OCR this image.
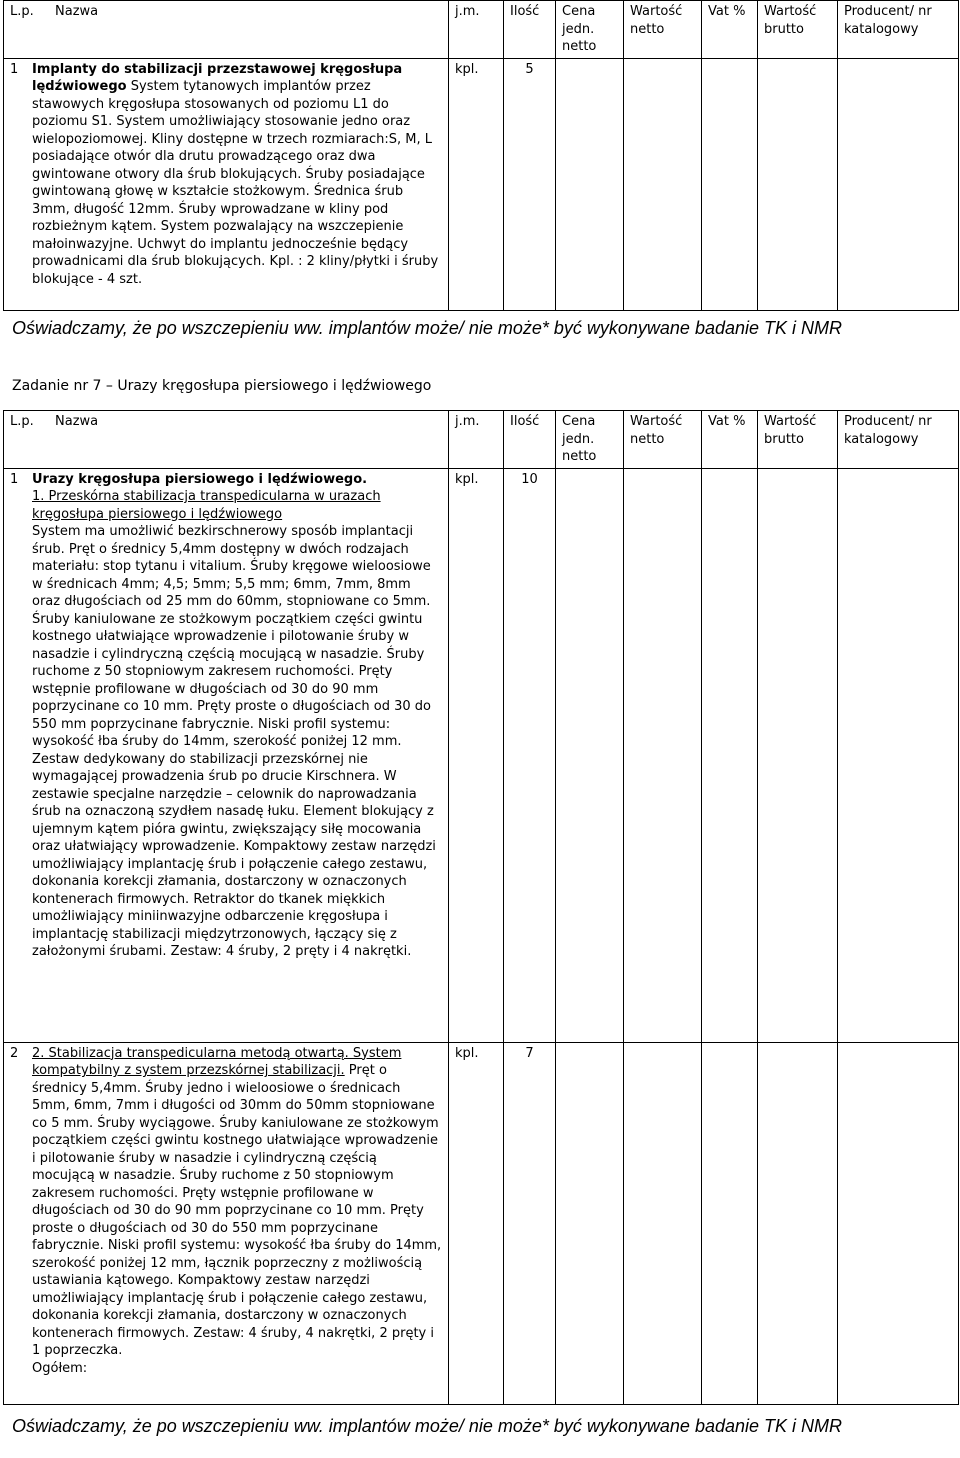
L.p. Nazwa	j.m.	Ilość	Cena jedn. netto	Wartość netto	Vat %	Wartość brutto	Producent/ nr katalogowy

1 Implanty do stabilizacji przezstawowej kręgosłupa lędźwiowego System tytanowych implantów przez stawowych kręgosłupa stosowanych od poziomu L1 do poziomu S1. System umożliwiający stosowanie jedno oraz wielopoziomowej. Kliny dostępne w trzech rozmiarach:S, M, L posiadające otwór dla drutu prowadzącego oraz dwa gwintowane otwory dla śrub blokujących. Śruby posiadające gwintowaną głowę w kształcie stożkowym. Średnica śrub 3mm, długość 12mm. Śruby wprowadzane w kliny pod rozbieżnym kątem. System pozwalający na wszczepienie małoinwazyjne. Uchwyt do implantu jednocześnie będący prowadnicami dla śrub blokujących. Kpl. : 2 kliny/płytki i śruby blokujące - 4 szt.	kpl.	5					
Oświadczamy, że po wszczepieniu ww. implantów może/ nie może* być wykonywane badanie TK i NMR
Zadanie nr 7 – Urazy kręgosłupa piersiowego i lędźwiowego
L.p. Nazwa	j.m.	Ilość	Cena jedn. netto	Wartość netto	Vat %	Wartość brutto	Producent/ nr katalogowy

1 Urazy kręgosłupa piersiowego i lędźwiowego.
1. Przeskórna stabilizacja transpedicularna w urazach kręgosłupa piersiowego i lędźwiowego
System ma umożliwić bezkirschnerowy sposób implantacji śrub. Pręt o średnicy 5,4mm dostępny w dwóch rodzajach materiału: stop tytanu i vitalium. Śruby kręgowe wieloosiowe w średnicach 4mm; 4,5; 5mm; 5,5 mm; 6mm, 7mm, 8mm oraz długościach od 25 mm do 60mm, stopniowane co 5mm. Śruby kaniulowane ze stożkowym początkiem części gwintu kostnego ułatwiające wprowadzenie i pilotowanie śruby w nasadzie i cylindryczną częścią mocującą w nasadzie. Śruby ruchome z 50 stopniowym zakresem ruchomości. Pręty wstępnie profilowane w długościach od 30 do 90 mm poprzycinane co 10 mm. Pręty proste o długościach od 30 do 550 mm poprzycinane fabrycznie. Niski profil systemu: wysokość łba śruby do 14mm, szerokość poniżej 12 mm. Zestaw dedykowany do stabilizacji przezskórnej nie wymagającej prowadzenia śrub po drucie Kirschnera. W zestawie specjalne narzędzie – celownik do naprowadzania śrub na oznaczoną szydłem nasadę łuku. Element blokujący z ujemnym kątem pióra gwintu, zwiększający siłę mocowania oraz ułatwiający wprowadzenie. Kompaktowy zestaw narzędzi umożliwiający implantację śrub i połączenie całego zestawu, dokonania korekcji złamania, dostarczony w oznaczonych kontenerach firmowych. Retraktor do tkanek miękkich umożliwiający miniinwazyjne odbarczenie kręgosłupa i implantację stabilizacji międzytrzonowych, łączący się z założonymi śrubami. Zestaw: 4 śruby, 2 pręty i 4 nakrętki.	kpl.	10					

2 2. Stabilizacja transpedicularna metodą otwartą. System kompatybilny z system przezskórnej stabilizacji. Pręt o średnicy 5,4mm. Śruby jedno i wieloosiowe o średnicach 5mm, 6mm, 7mm i długości od 30mm do 50mm stopniowane co 5 mm. Śruby wyciągowe. Śruby kaniulowane ze stożkowym początkiem części gwintu kostnego ułatwiające wprowadzenie i pilotowanie śruby w nasadzie i cylindryczną częścią mocującą w nasadzie. Śruby ruchome z 50 stopniowym zakresem ruchomości. Pręty wstępnie profilowane w długościach od 30 do 90 mm poprzycinane co 10 mm. Pręty proste o długościach od 30 do 550 mm poprzycinane fabrycznie. Niski profil systemu: wysokość łba śruby do 14mm, szerokość poniżej 12 mm, łącznik poprzeczny z możliwością ustawiania kątowego. Kompaktowy zestaw narzędzi umożliwiający implantację śrub i połączenie całego zestawu, dokonania korekcji złamania, dostarczony w oznaczonych kontenerach firmowych. Zestaw: 4 śruby, 4 nakrętki, 2 pręty i 1 poprzeczka.
Ogółem:	kpl.	7					
Oświadczamy, że po wszczepieniu ww. implantów może/ nie może* być wykonywane badanie TK i NMR
